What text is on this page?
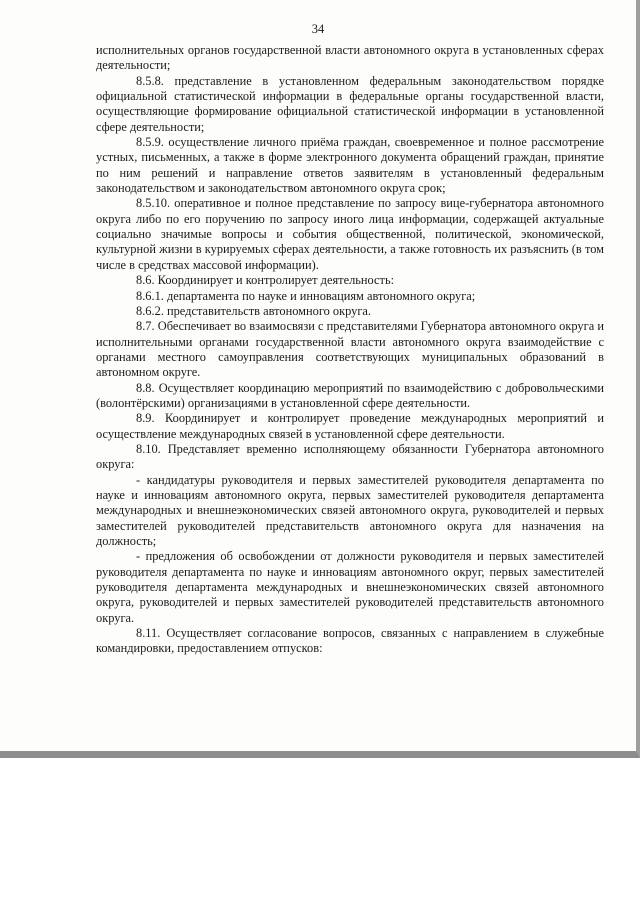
34

исполнительных органов государственной власти автономного округа в установленных сферах деятельности;

8.5.8. представление в установленном федеральным законодательством порядке официальной статистической информации в федеральные органы государственной власти, осуществляющие формирование официальной статистической информации в установленной сфере деятельности;

8.5.9. осуществление личного приёма граждан, своевременное и полное рассмотрение устных, письменных, а также в форме электронного документа обращений граждан, принятие по ним решений и направление ответов заявителям в установленный федеральным законодательством и законодательством автономного округа срок;

8.5.10. оперативное и полное представление по запросу вице-губернатора автономного округа либо по его поручению по запросу иного лица информации, содержащей актуальные социально значимые вопросы и события общественной, политической, экономической, культурной жизни в курируемых сферах деятельности, а также готовность их разъяснить (в том числе в средствах массовой информации).

8.6. Координирует и контролирует деятельность:

8.6.1. департамента по науке и инновациям автономного округа;

8.6.2. представительств автономного округа.

8.7. Обеспечивает во взаимосвязи с представителями Губернатора автономного округа и исполнительными органами государственной власти автономного округа взаимодействие с органами местного самоуправления соответствующих муниципальных образований в автономном округе.

8.8. Осуществляет координацию мероприятий по взаимодействию с добровольческими (волонтёрскими) организациями в установленной сфере деятельности.

8.9. Координирует и контролирует проведение международных мероприятий и осуществление международных связей в установленной сфере деятельности.

8.10. Представляет временно исполняющему обязанности Губернатора автономного округа:

- кандидатуры руководителя и первых заместителей руководителя департамента по науке и инновациям автономного округа, первых заместителей руководителя департамента международных и внешнеэкономических связей автономного округа, руководителей и первых заместителей руководителей представительств автономного округа для назначения на должность;

- предложения об освобождении от должности руководителя и первых заместителей руководителя департамента по науке и инновациям автономного округ, первых заместителей руководителя департамента международных и внешнеэкономических связей автономного округа, руководителей и первых заместителей руководителей представительств автономного округа.

8.11. Осуществляет согласование вопросов, связанных с направлением в служебные командировки, предоставлением отпусков:
